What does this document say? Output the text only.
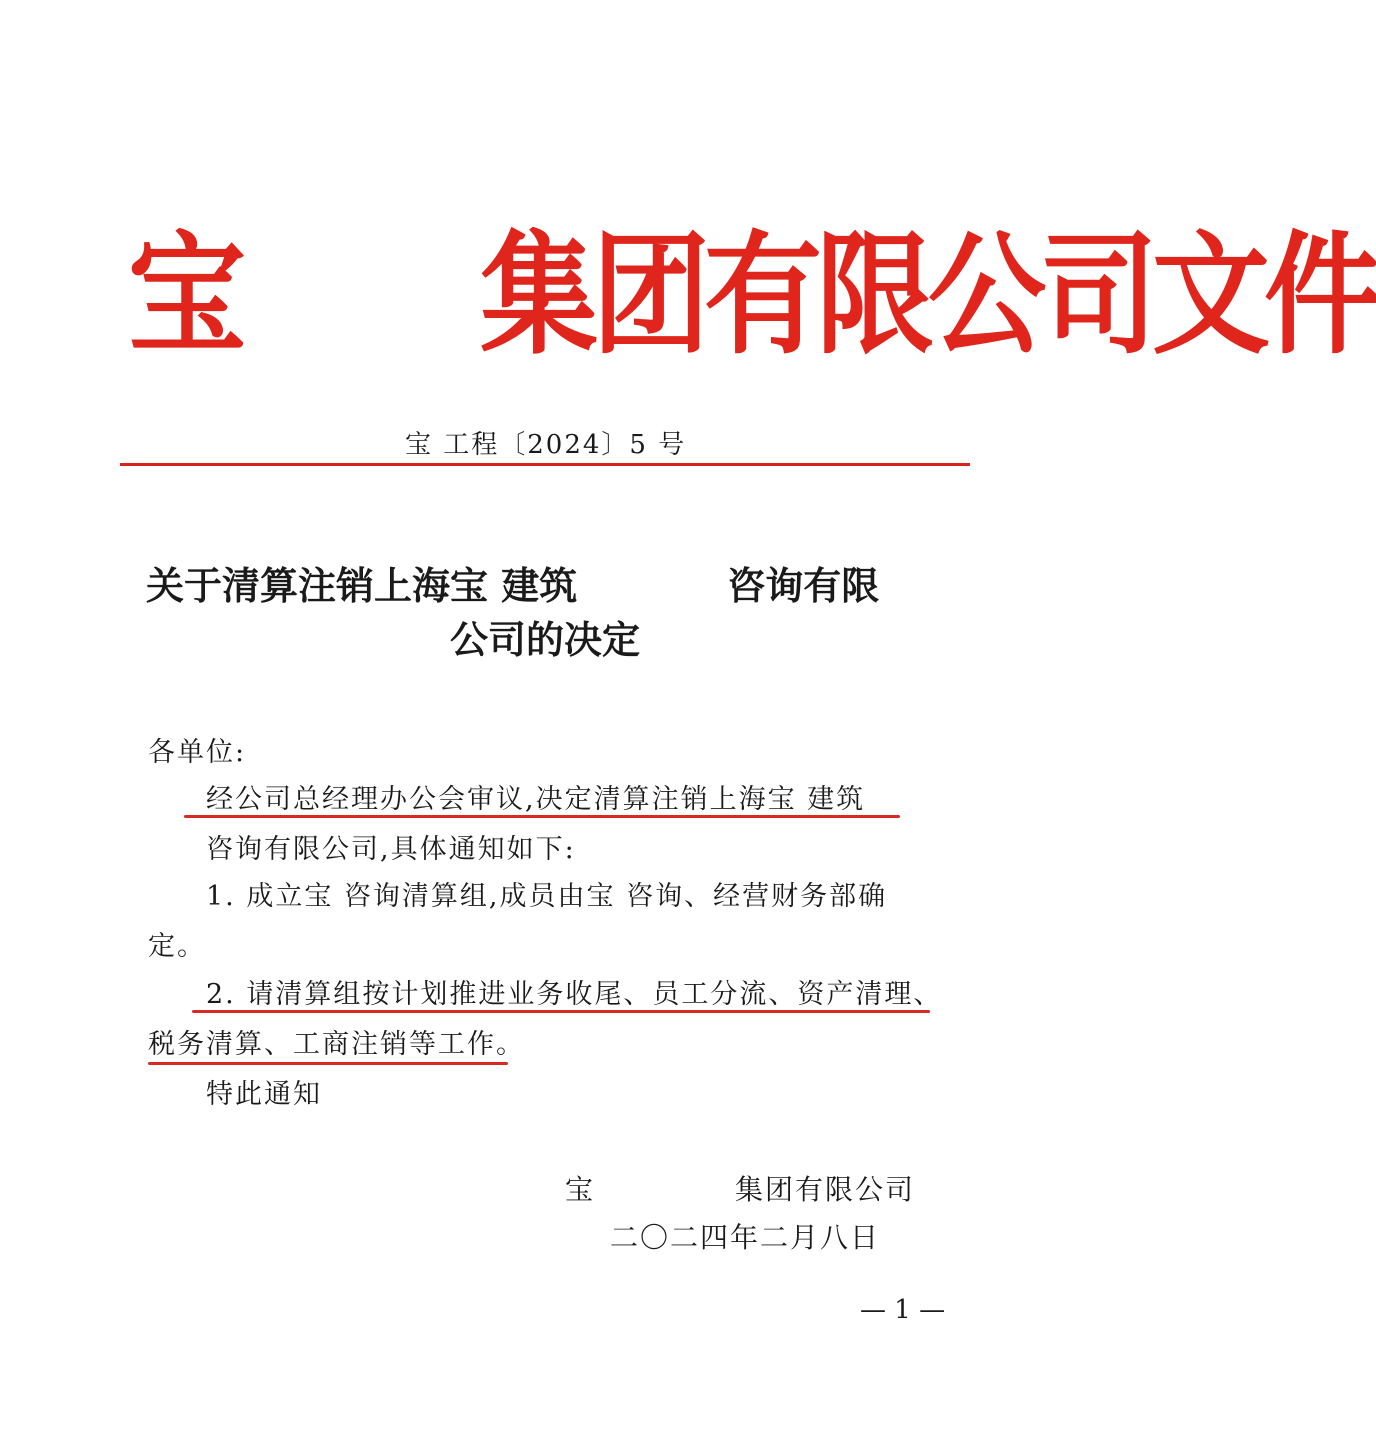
宝 集团有限公司文件
宝 工程〔2024〕5 号
关于清算注销上海宝 建筑	咨询有限
公司的决定
各单位:
经公司总经理办公会审议,决定清算注销上海宝 建筑
咨询有限公司,具体通知如下:
1. 成立宝 咨询清算组,成员由宝 咨询、经营财务部确
定。
2. 请清算组按计划推进业务收尾、员工分流、资产清理、
税务清算、工商注销等工作。
特此通知
宝	集团有限公司
二〇二四年二月八日
— 1 —
